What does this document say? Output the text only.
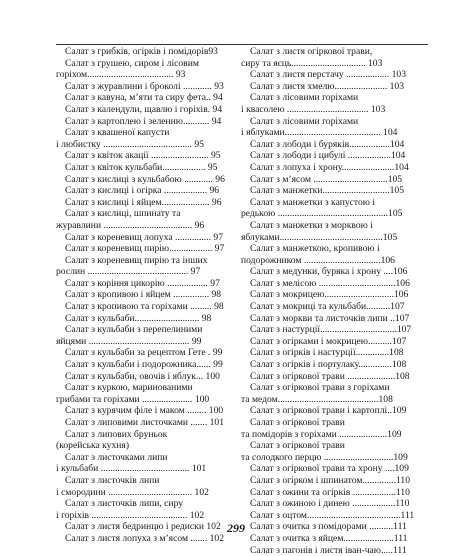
Салат з грибків, огірків і помідорів93
Салат з грушею, сиром і лісовим
горіхом.................................... 93
Салат з журавлини і броколі ............ 93
Салат з кавуна, м’яти та сиру фета.. 94
Салат з календули, щавлю і горіхів. 94
Салат з картоплею і зеленню........... 94
Салат з квашеної капусти
і любистку ..................................... 95
Салат з квіток акації ........................ 95
Салат з квіток кульбаби.................. 95
Салат з кислиці з кульбабою ............ 96
Салат з кислиці і огірка .................. 96
Салат з кислиці і яйцем.................... 96
Салат з кислиці, шпинату та
журавлини ..................................... 96
Салат з кореневищ лопуха ............... 97
Салат з кореневищ пирію.................. 97
Салат з кореневищ пирію та інших
рослин .......................................... 97
Салат з коріння цикорію ................. 97
Салат з кропивою і яйцем ............... 98
Салат з кропивою та горіхами ......... 98
Салат з кульбаби........................... 98
Салат з кульбаби з перепелиними
яйцями .......................................... 99
Салат з кульбаби за рецептом Гете . 99
Салат з кульбаби і подорожника...... 99
Салат з кульбаби, овочів і яблук... 100
Салат з куркою, маринованими
грибами та горіхами ..................... 100
Салат з курячим філе і маком ........ 100
Салат з липовими листочками ....... 101
Салат з липових бруньок
(корейська кухня)
Салат з листочками липи
і кульбаби ..................................... 101
Салат з листочків липи
і смородини ................................... 102
Салат з листочків липи, сиру
і горіхів ........................................ 102
Салат з листя бедринцю і редиски 102
Салат з листя лопуха з м’ясом ....... 102
Салат з листя огіркової трави,
сиру та яєць............................... 103
Салат з листя перстачу .................. 103
Салат з листя хмелю...................... 103
Салат з лісовими горіхами
і квасолею .................................. 103
Салат з лісовими горіхами
і яблуками........................................ 104
Салат з лободи і буряків.................104
Салат з лободи і цибулі ..................104
Салат з лопуха і хрону......................104
Салат з м’ясом ...............................105
Салат з манжетки............................105
Салат з манжетки з капустою і
редькою ..............................................105
Салат з манжетки з морквою і
яблуками...........................................105
Салат з манжеткою, кропивою і
подорожником ................................106
Салат з медунки, буряка і хрону ....106
Салат з мелісою ................................106
Салат з мокрицею.............................106
Салат з мокриці та кульбаби..........107
Салат з моркви та листочків липи ..107
Салат з настурції................................107
Салат з огірками і мокрицею..........107
Салат з огірків і настурції..............108
Салат з огірків і портулаку..............108
Салат з огіркової трави ....................108
Салат з огіркової трави з горіхами
та медом..........................................108
Салат з огіркової трави і картоплі..109
Салат з огіркової трави
та помідорів з горіхами ....................109
Салат з огіркової трави
та солодкого перцю .............................109
Салат з огіркової трави та хрону ....109
Салат з огірком і шпинатом..............110
Салат з ожини та огірків ..................110
Салат з ожиною і динею ..................110
Салат з оцтом.......................................111
Салат з очитка з помідорами ..........111
Салат з очитка з яйцем.....................111
Салат з пагонів і листя іван-чаю.....111
299
